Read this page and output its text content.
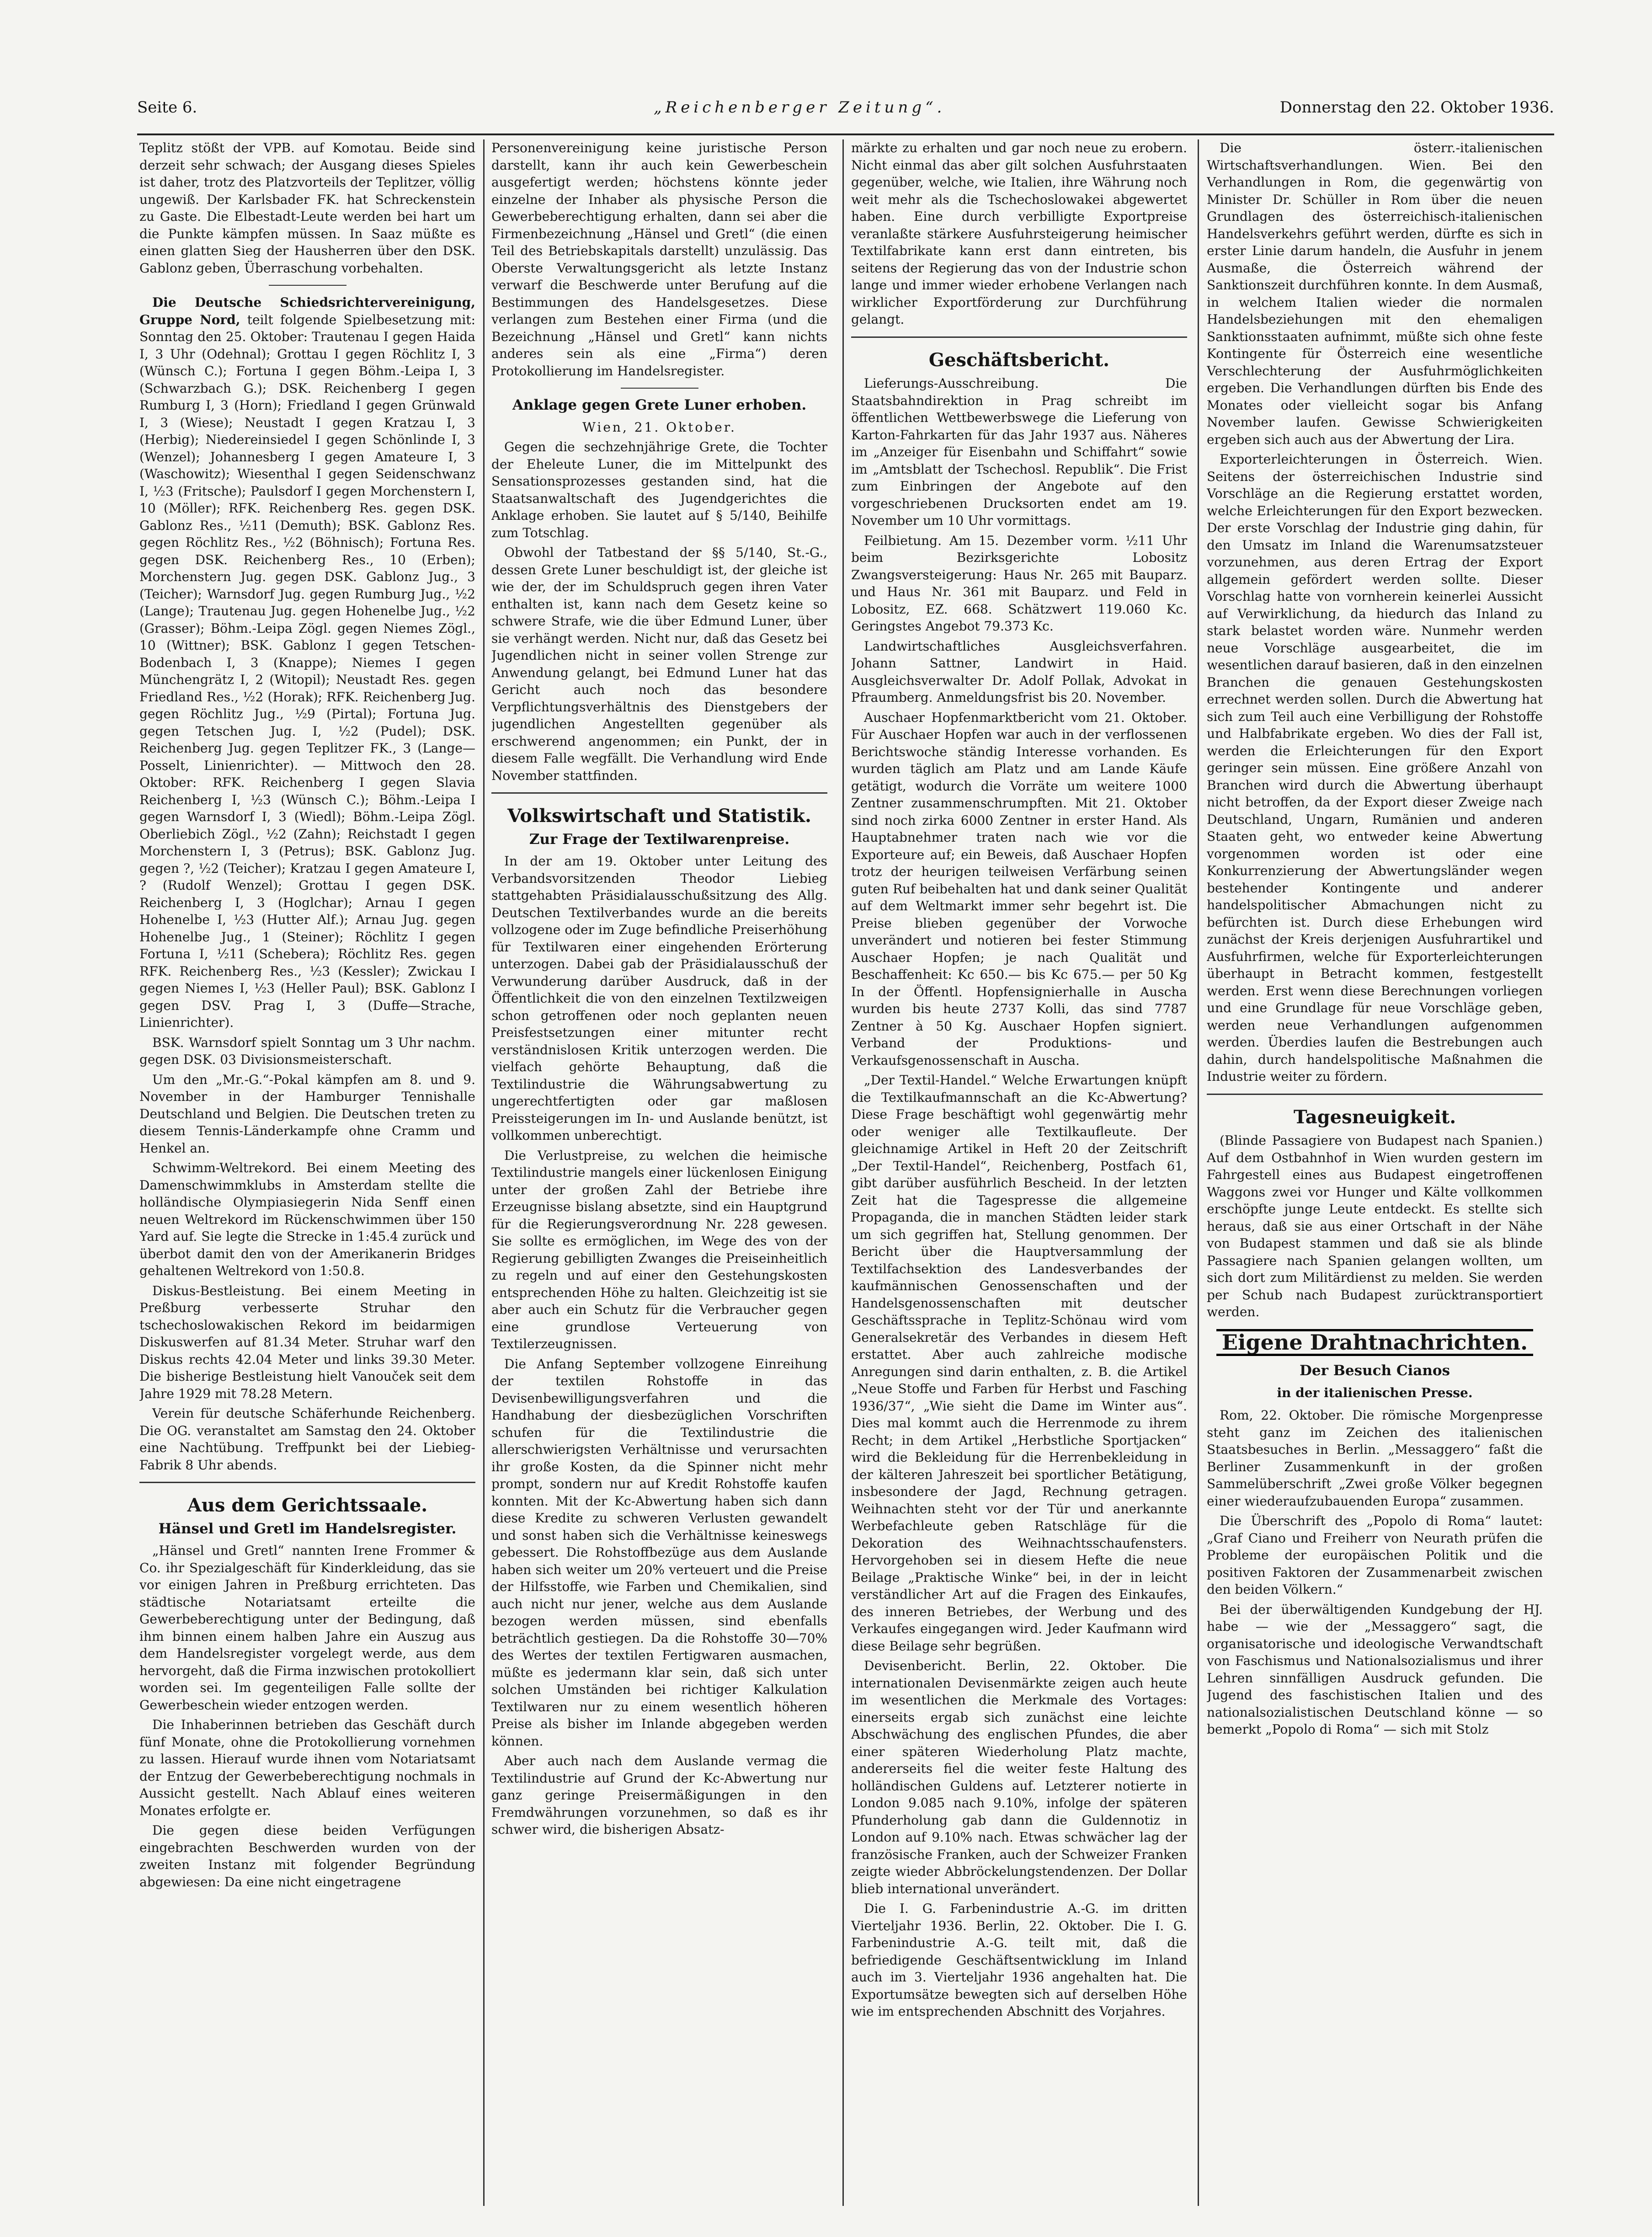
Seite 6.	„Reichenberger Zeitung“.	Donnerstag den 22. Oktober 1936.

Teplitz stößt der VPB. auf Komotau. Beide sind derzeit sehr schwach; der Ausgang dieses Spieles ist daher, trotz des Platzvorteils der Teplitzer, völlig ungewiß. Der Karlsbader FK. hat Schreckenstein zu Gaste. Die Elbestadt-Leute werden bei hart um die Punkte kämpfen müssen. In Saaz müßte es einen glatten Sieg der Hausherren über den DSK. Gablonz geben, Überraschung vorbehalten.

Die Deutsche Schiedsrichtervereinigung, Gruppe Nord, teilt folgende Spielbesetzung mit: Sonntag den 25. Oktober: Trautenau I gegen Haida I, 3 Uhr (Odehnal); Grottau I gegen Röchlitz I, 3 (Wünsch C.); Fortuna I gegen Böhm.-Leipa I, 3 (Schwarzbach G.); DSK. Reichenberg I gegen Rumburg I, 3 (Horn); Friedland I gegen Grünwald I, 3 (Wiese); Neustadt I gegen Kratzau I, 3 (Herbig); Niedereinsiedel I gegen Schönlinde I, 3 (Wenzel); Johannesberg I gegen Amateure I, 3 (Waschowitz); Wiesenthal I gegen Seidenschwanz I, ½3 (Fritsche); Paulsdorf I gegen Morchenstern I, 10 (Möller); RFK. Reichenberg Res. gegen DSK. Gablonz Res., ½11 (Demuth); BSK. Gablonz Res. gegen Röchlitz Res., ½2 (Böhnisch); Fortuna Res. gegen DSK. Reichenberg Res., 10 (Erben); Morchenstern Jug. gegen DSK. Gablonz Jug., 3 (Teicher); Warnsdorf Jug. gegen Rumburg Jug., ½2 (Lange); Trautenau Jug. gegen Hohenelbe Jug., ½2 (Grasser); Böhm.-Leipa Zögl. gegen Niemes Zögl., 10 (Wittner); BSK. Gablonz I gegen Tetschen-Bodenbach I, 3 (Knappe); Niemes I gegen Münchengrätz I, 2 (Witopil); Neustadt Res. gegen Friedland Res., ½2 (Horak); RFK. Reichenberg Jug. gegen Röchlitz Jug., ½9 (Pirtal); Fortuna Jug. gegen Tetschen Jug. I, ½2 (Pudel); DSK. Reichenberg Jug. gegen Teplitzer FK., 3 (Lange—Posselt, Linienrichter). — Mittwoch den 28. Oktober: RFK. Reichenberg I gegen Slavia Reichenberg I, ½3 (Wünsch C.); Böhm.-Leipa I gegen Warnsdorf I, 3 (Wiedl); Böhm.-Leipa Zögl. Oberliebich Zögl., ½2 (Zahn); Reichstadt I gegen Morchenstern I, 3 (Petrus); BSK. Gablonz Jug. gegen ?, ½2 (Teicher); Kratzau I gegen Amateure I, ? (Rudolf Wenzel); Grottau I gegen DSK. Reichenberg I, 3 (Hoglchar); Arnau I gegen Hohenelbe I, ½3 (Hutter Alf.); Arnau Jug. gegen Hohenelbe Jug., 1 (Steiner); Röchlitz I gegen Fortuna I, ½11 (Schebera); Röchlitz Res. gegen RFK. Reichenberg Res., ½3 (Kessler); Zwickau I gegen Niemes I, ½3 (Heller Paul); BSK. Gablonz I gegen DSV. Prag I, 3 (Duffe—Strache, Linienrichter).

BSK. Warnsdorf spielt Sonntag um 3 Uhr nachm. gegen DSK. 03 Divisionsmeisterschaft.

Um den „Mr.-G.“-Pokal kämpfen am 8. und 9. November in der Hamburger Tennishalle Deutschland und Belgien. Die Deutschen treten zu diesem Tennis-Länderkampfe ohne Cramm und Henkel an.

Schwimm-Weltrekord. Bei einem Meeting des Damenschwimmklubs in Amsterdam stellte die holländische Olympiasiegerin Nida Senff einen neuen Weltrekord im Rückenschwimmen über 150 Yard auf. Sie legte die Strecke in 1:45.4 zurück und überbot damit den von der Amerikanerin Bridges gehaltenen Weltrekord von 1:50.8.

Diskus-Bestleistung. Bei einem Meeting in Preßburg verbesserte Struhar den tschechoslowakischen Rekord im beidarmigen Diskuswerfen auf 81.34 Meter. Struhar warf den Diskus rechts 42.04 Meter und links 39.30 Meter. Die bisherige Bestleistung hielt Vanouček seit dem Jahre 1929 mit 78.28 Metern.

Verein für deutsche Schäferhunde Reichenberg. Die OG. veranstaltet am Samstag den 24. Oktober eine Nachtübung. Treffpunkt bei der Liebieg-Fabrik 8 Uhr abends.

Aus dem Gerichtssaale.
Hänsel und Gretl im Handelsregister.

„Hänsel und Gretl“ nannten Irene Frommer & Co. ihr Spezialgeschäft für Kinderkleidung, das sie vor einigen Jahren in Preßburg errichteten. Das städtische Notariatsamt erteilte die Gewerbeberechtigung unter der Bedingung, daß ihm binnen einem halben Jahre ein Auszug aus dem Handelsregister vorgelegt werde, aus dem hervorgeht, daß die Firma inzwischen protokolliert worden sei. Im gegenteiligen Falle sollte der Gewerbeschein wieder entzogen werden.

Die Inhaberinnen betrieben das Geschäft durch fünf Monate, ohne die Protokollierung vornehmen zu lassen. Hierauf wurde ihnen vom Notariatsamt der Entzug der Gewerbeberechtigung nochmals in Aussicht gestellt. Nach Ablauf eines weiteren Monates erfolgte er.

Die gegen diese beiden Verfügungen eingebrachten Beschwerden wurden von der zweiten Instanz mit folgender Begründung abgewiesen: Da eine nicht eingetragene

Personenvereinigung keine juristische Person darstellt, kann ihr auch kein Gewerbeschein ausgefertigt werden; höchstens könnte jeder einzelne der Inhaber als physische Person die Gewerbeberechtigung erhalten, dann sei aber die Firmenbezeichnung „Hänsel und Gretl“ (die einen Teil des Betriebskapitals darstellt) unzulässig. Das Oberste Verwaltungsgericht als letzte Instanz verwarf die Beschwerde unter Berufung auf die Bestimmungen des Handelsgesetzes. Diese verlangen zum Bestehen einer Firma (und die Bezeichnung „Hänsel und Gretl“ kann nichts anderes sein als eine „Firma“) deren Protokollierung im Handelsregister.

Anklage gegen Grete Luner erhoben.

Wien, 21. Oktober.

Gegen die sechzehnjährige Grete, die Tochter der Eheleute Luner, die im Mittelpunkt des Sensationsprozesses gestanden sind, hat die Staatsanwaltschaft des Jugendgerichtes die Anklage erhoben. Sie lautet auf § 5/140, Beihilfe zum Totschlag.

Obwohl der Tatbestand der §§ 5/140, St.-G., dessen Grete Luner beschuldigt ist, der gleiche ist wie der, der im Schuldspruch gegen ihren Vater enthalten ist, kann nach dem Gesetz keine so schwere Strafe, wie die über Edmund Luner, über sie verhängt werden. Nicht nur, daß das Gesetz bei Jugendlichen nicht in seiner vollen Strenge zur Anwendung gelangt, bei Edmund Luner hat das Gericht auch noch das besondere Verpflichtungsverhältnis des Dienstgebers der jugendlichen Angestellten gegenüber als erschwerend angenommen; ein Punkt, der in diesem Falle wegfällt. Die Verhandlung wird Ende November stattfinden.

Volkswirtschaft und Statistik.
Zur Frage der Textilwarenpreise.

In der am 19. Oktober unter Leitung des Verbandsvorsitzenden Theodor Liebieg stattgehabten Präsidialausschußsitzung des Allg. Deutschen Textilverbandes wurde an die bereits vollzogene oder im Zuge befindliche Preiserhöhung für Textilwaren einer eingehenden Erörterung unterzogen. Dabei gab der Präsidialausschuß der Verwunderung darüber Ausdruck, daß in der Öffentlichkeit die von den einzelnen Textilzweigen schon getroffenen oder noch geplanten neuen Preisfestsetzungen einer mitunter recht verständnislosen Kritik unterzogen werden. Die vielfach gehörte Behauptung, daß die Textilindustrie die Währungsabwertung zu ungerechtfertigten oder gar maßlosen Preissteigerungen im In- und Auslande benützt, ist vollkommen unberechtigt.

Die Verlustpreise, zu welchen die heimische Textilindustrie mangels einer lückenlosen Einigung unter der großen Zahl der Betriebe ihre Erzeugnisse bislang absetzte, sind ein Hauptgrund für die Regierungsverordnung Nr. 228 gewesen. Sie sollte es ermöglichen, im Wege des von der Regierung gebilligten Zwanges die Preiseinheitlich zu regeln und auf einer den Gestehungskosten entsprechenden Höhe zu halten. Gleichzeitig ist sie aber auch ein Schutz für die Verbraucher gegen eine grundlose Verteuerung von Textilerzeugnissen.

Die Anfang September vollzogene Einreihung der textilen Rohstoffe in das Devisenbewilligungsverfahren und die Handhabung der diesbezüglichen Vorschriften schufen für die Textilindustrie die allerschwierigsten Verhältnisse und verursachten ihr große Kosten, da die Spinner nicht mehr prompt, sondern nur auf Kredit Rohstoffe kaufen konnten. Mit der Kc-Abwertung haben sich dann diese Kredite zu schweren Verlusten gewandelt und sonst haben sich die Verhältnisse keineswegs gebessert. Die Rohstoffbezüge aus dem Auslande haben sich weiter um 20% verteuert und die Preise der Hilfsstoffe, wie Farben und Chemikalien, sind auch nicht nur jener, welche aus dem Auslande bezogen werden müssen, sind ebenfalls beträchtlich gestiegen. Da die Rohstoffe 30—70% des Wertes der textilen Fertigwaren ausmachen, müßte es jedermann klar sein, daß sich unter solchen Umständen bei richtiger Kalkulation Textilwaren nur zu einem wesentlich höheren Preise als bisher im Inlande abgegeben werden können.

Aber auch nach dem Auslande vermag die Textilindustrie auf Grund der Kc-Abwertung nur ganz geringe Preisermäßigungen in den Fremdwährungen vorzunehmen, so daß es ihr schwer wird, die bisherigen Absatz-

märkte zu erhalten und gar noch neue zu erobern. Nicht einmal das aber gilt solchen Ausfuhrstaaten gegenüber, welche, wie Italien, ihre Währung noch weit mehr als die Tschechoslowakei abgewertet haben. Eine durch verbilligte Exportpreise veranlaßte stärkere Ausfuhrsteigerung heimischer Textilfabrikate kann erst dann eintreten, bis seitens der Regierung das von der Industrie schon lange und immer wieder erhobene Verlangen nach wirklicher Exportförderung zur Durchführung gelangt.

Geschäftsbericht.

Lieferungs-Ausschreibung. Die Staatsbahndirektion in Prag schreibt im öffentlichen Wettbewerbswege die Lieferung von Karton-Fahrkarten für das Jahr 1937 aus. Näheres im „Anzeiger für Eisenbahn und Schiffahrt“ sowie im „Amtsblatt der Tschechosl. Republik“. Die Frist zum Einbringen der Angebote auf den vorgeschriebenen Drucksorten endet am 19. November um 10 Uhr vormittags.

Feilbietung. Am 15. Dezember vorm. ½11 Uhr beim Bezirksgerichte Lobositz Zwangsversteigerung: Haus Nr. 265 mit Bauparz. und Haus Nr. 361 mit Bauparz. und Feld in Lobositz, EZ. 668. Schätzwert 119.060 Kc. Geringstes Angebot 79.373 Kc.

Landwirtschaftliches Ausgleichsverfahren. Johann Sattner, Landwirt in Haid. Ausgleichsverwalter Dr. Adolf Pollak, Advokat in Pfraumberg. Anmeldungsfrist bis 20. November.

Auschaer Hopfenmarktbericht vom 21. Oktober. Für Auschaer Hopfen war auch in der verflossenen Berichtswoche ständig Interesse vorhanden. Es wurden täglich am Platz und am Lande Käufe getätigt, wodurch die Vorräte um weitere 1000 Zentner zusammenschrumpften. Mit 21. Oktober sind noch zirka 6000 Zentner in erster Hand. Als Hauptabnehmer traten nach wie vor die Exporteure auf; ein Beweis, daß Auschaer Hopfen trotz der heurigen teilweisen Verfärbung seinen guten Ruf beibehalten hat und dank seiner Qualität auf dem Weltmarkt immer sehr begehrt ist. Die Preise blieben gegenüber der Vorwoche unverändert und notieren bei fester Stimmung Auschaer Hopfen; je nach Qualität und Beschaffenheit: Kc 650.— bis Kc 675.— per 50 Kg In der Öffentl. Hopfensignierhalle in Auscha wurden bis heute 2737 Kolli, das sind 7787 Zentner à 50 Kg. Auschaer Hopfen signiert. Verband der Produktions- und Verkaufsgenossenschaft in Auscha.

„Der Textil-Handel.“ Welche Erwartungen knüpft die Textilkaufmannschaft an die Kc-Abwertung? Diese Frage beschäftigt wohl gegenwärtig mehr oder weniger alle Textilkaufleute. Der gleichnamige Artikel in Heft 20 der Zeitschrift „Der Textil-Handel“, Reichenberg, Postfach 61, gibt darüber ausführlich Bescheid. In der letzten Zeit hat die Tagespresse die allgemeine Propaganda, die in manchen Städten leider stark um sich gegriffen hat, Stellung genommen. Der Bericht über die Hauptversammlung der Textilfachsektion des Landesverbandes der kaufmännischen Genossenschaften und der Handelsgenossenschaften mit deutscher Geschäftssprache in Teplitz-Schönau wird vom Generalsekretär des Verbandes in diesem Heft erstattet. Aber auch zahlreiche modische Anregungen sind darin enthalten, z. B. die Artikel „Neue Stoffe und Farben für Herbst und Fasching 1936/37“, „Wie sieht die Dame im Winter aus“. Dies mal kommt auch die Herrenmode zu ihrem Recht; in dem Artikel „Herbstliche Sportjacken“ wird die Bekleidung für die Herrenbekleidung in der kälteren Jahreszeit bei sportlicher Betätigung, insbesondere der Jagd, Rechnung getragen. Weihnachten steht vor der Tür und anerkannte Werbefachleute geben Ratschläge für die Dekoration des Weihnachtsschaufensters. Hervorgehoben sei in diesem Hefte die neue Beilage „Praktische Winke“ bei, in der in leicht verständlicher Art auf die Fragen des Einkaufes, des inneren Betriebes, der Werbung und des Verkaufes eingegangen wird. Jeder Kaufmann wird diese Beilage sehr begrüßen.

Devisenbericht. Berlin, 22. Oktober. Die internationalen Devisenmärkte zeigen auch heute im wesentlichen die Merkmale des Vortages: einerseits ergab sich zunächst eine leichte Abschwächung des englischen Pfundes, die aber einer späteren Wiederholung Platz machte, andererseits fiel die weiter feste Haltung des holländischen Guldens auf. Letzterer notierte in London 9.085 nach 9.10%, infolge der späteren Pfunderholung gab dann die Guldennotiz in London auf 9.10% nach. Etwas schwächer lag der französische Franken, auch der Schweizer Franken zeigte wieder Abbröckelungstendenzen. Der Dollar blieb international unverändert.

Die I. G. Farbenindustrie A.-G. im dritten Vierteljahr 1936. Berlin, 22. Oktober. Die I. G. Farbenindustrie A.-G. teilt mit, daß die befriedigende Geschäftsentwicklung im Inland auch im 3. Vierteljahr 1936 angehalten hat. Die Exportumsätze bewegten sich auf derselben Höhe wie im entsprechenden Abschnitt des Vorjahres.

Die österr.-italienischen Wirtschaftsverhandlungen. Wien. Bei den Verhandlungen in Rom, die gegenwärtig von Minister Dr. Schüller in Rom über die neuen Grundlagen des österreichisch-italienischen Handelsverkehrs geführt werden, dürfte es sich in erster Linie darum handeln, die Ausfuhr in jenem Ausmaße, die Österreich während der Sanktionszeit durchführen konnte. In dem Ausmaß, in welchem Italien wieder die normalen Handelsbeziehungen mit den ehemaligen Sanktionsstaaten aufnimmt, müßte sich ohne feste Kontingente für Österreich eine wesentliche Verschlechterung der Ausfuhrmöglichkeiten ergeben. Die Verhandlungen dürften bis Ende des Monates oder vielleicht sogar bis Anfang November laufen. Gewisse Schwierigkeiten ergeben sich auch aus der Abwertung der Lira.

Exporterleichterungen in Österreich. Wien. Seitens der österreichischen Industrie sind Vorschläge an die Regierung erstattet worden, welche Erleichterungen für den Export bezwecken. Der erste Vorschlag der Industrie ging dahin, für den Umsatz im Inland die Warenumsatzsteuer vorzunehmen, aus deren Ertrag der Export allgemein gefördert werden sollte. Dieser Vorschlag hatte von vornherein keinerlei Aussicht auf Verwirklichung, da hiedurch das Inland zu stark belastet worden wäre. Nunmehr werden neue Vorschläge ausgearbeitet, die im wesentlichen darauf basieren, daß in den einzelnen Branchen die genauen Gestehungskosten errechnet werden sollen. Durch die Abwertung hat sich zum Teil auch eine Verbilligung der Rohstoffe und Halbfabrikate ergeben. Wo dies der Fall ist, werden die Erleichterungen für den Export geringer sein müssen. Eine größere Anzahl von Branchen wird durch die Abwertung überhaupt nicht betroffen, da der Export dieser Zweige nach Deutschland, Ungarn, Rumänien und anderen Staaten geht, wo entweder keine Abwertung vorgenommen worden ist oder eine Konkurrenzierung der Abwertungsländer wegen bestehender Kontingente und anderer handelspolitischer Abmachungen nicht zu befürchten ist. Durch diese Erhebungen wird zunächst der Kreis derjenigen Ausfuhrartikel und Ausfuhrfirmen, welche für Exporterleichterungen überhaupt in Betracht kommen, festgestellt werden. Erst wenn diese Berechnungen vorliegen und eine Grundlage für neue Vorschläge geben, werden neue Verhandlungen aufgenommen werden. Überdies laufen die Bestrebungen auch dahin, durch handelspolitische Maßnahmen die Industrie weiter zu fördern.

Tagesneuigkeit.

(Blinde Passagiere von Budapest nach Spanien.) Auf dem Ostbahnhof in Wien wurden gestern im Fahrgestell eines aus Budapest eingetroffenen Waggons zwei vor Hunger und Kälte vollkommen erschöpfte junge Leute entdeckt. Es stellte sich heraus, daß sie aus einer Ortschaft in der Nähe von Budapest stammen und daß sie als blinde Passagiere nach Spanien gelangen wollten, um sich dort zum Militärdienst zu melden. Sie werden per Schub nach Budapest zurücktransportiert werden.

Eigene Drahtnachrichten.
Der Besuch Cianos
in der italienischen Presse.

Rom, 22. Oktober. Die römische Morgenpresse steht ganz im Zeichen des italienischen Staatsbesuches in Berlin. „Messaggero“ faßt die Berliner Zusammenkunft in der großen Sammelüberschrift „Zwei große Völker begegnen einer wiederaufzubauenden Europa“ zusammen.

Die Überschrift des „Popolo di Roma“ lautet: „Graf Ciano und Freiherr von Neurath prüfen die Probleme der europäischen Politik und die positiven Faktoren der Zusammenarbeit zwischen den beiden Völkern.“

Bei der überwältigenden Kundgebung der HJ. habe — wie der „Messaggero“ sagt, die organisatorische und ideologische Verwandtschaft von Faschismus und Nationalsozialismus und ihrer Lehren sinnfälligen Ausdruck gefunden. Die Jugend des faschistischen Italien und des nationalsozialistischen Deutschland könne — so bemerkt „Popolo di Roma“ — sich mit Stolz
